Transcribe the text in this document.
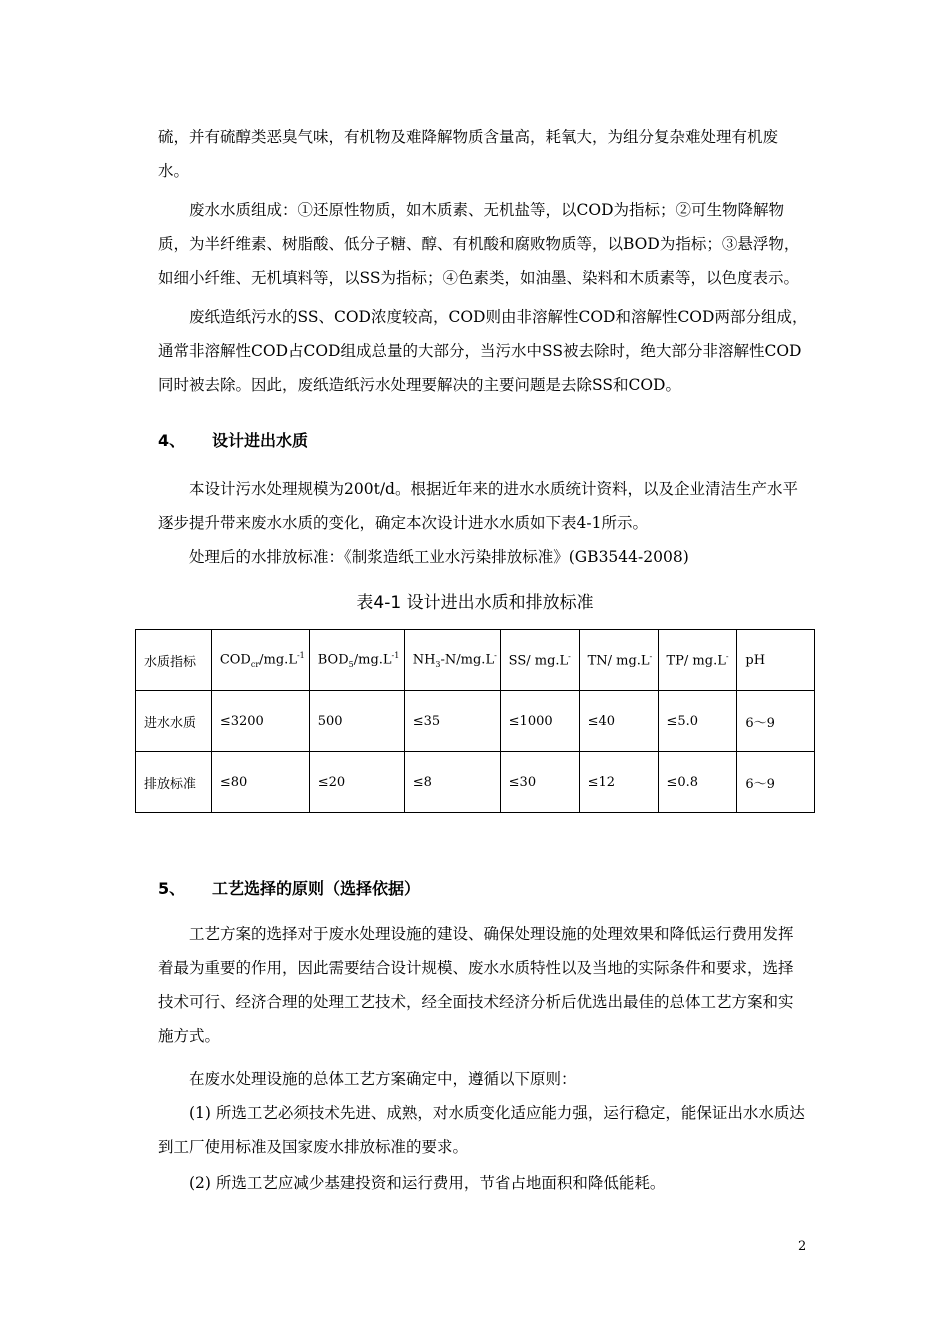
硫，并有硫醇类恶臭气味，有机物及难降解物质含量高，耗氧大，为组分复杂难处理有机废水。

废水水质组成：①还原性物质，如木质素、无机盐等，以COD为指标；②可生物降解物质，为半纤维素、树脂酸、低分子糖、醇、有机酸和腐败物质等，以BOD为指标；③悬浮物，如细小纤维、无机填料等，以SS为指标；④色素类，如油墨、染料和木质素等，以色度表示。

废纸造纸污水的SS、COD浓度较高，COD则由非溶解性COD和溶解性COD两部分组成，通常非溶解性COD占COD组成总量的大部分，当污水中SS被去除时，绝大部分非溶解性COD同时被去除。因此，废纸造纸污水处理要解决的主要问题是去除SS和COD。

4、 设计进出水质

本设计污水处理规模为200t/d。根据近年来的进水水质统计资料，以及企业清洁生产水平逐步提升带来废水水质的变化，确定本次设计进水水质如下表4-1所示。

处理后的水排放标准：《制浆造纸工业水污染排放标准》(GB3544-2008)

表4-1 设计进出水质和排放标准
水质指标	$COD_{cr}/mg.L^{-1}$	$BOD_5/mg.L^{-1}$	$NH_3-N/mg.L^-$	SS/ mg.L-	TN/ mg.L-	TP/ mg.L-	pH
进水水质	≤3200	500	≤35	≤1000	≤40	≤5.0	6～9
排放标准	≤80	≤20	≤8	≤30	≤12	≤0.8	6～9
5、 工艺选择的原则（选择依据）

工艺方案的选择对于废水处理设施的建设、确保处理设施的处理效果和降低运行费用发挥着最为重要的作用，因此需要结合设计规模、废水水质特性以及当地的实际条件和要求，选择技术可行、经济合理的处理工艺技术，经全面技术经济分析后优选出最佳的总体工艺方案和实施方式。

在废水处理设施的总体工艺方案确定中，遵循以下原则：

(1) 所选工艺必须技术先进、成熟，对水质变化适应能力强，运行稳定，能保证出水水质达到工厂使用标准及国家废水排放标准的要求。

(2) 所选工艺应减少基建投资和运行费用，节省占地面积和降低能耗。

2
